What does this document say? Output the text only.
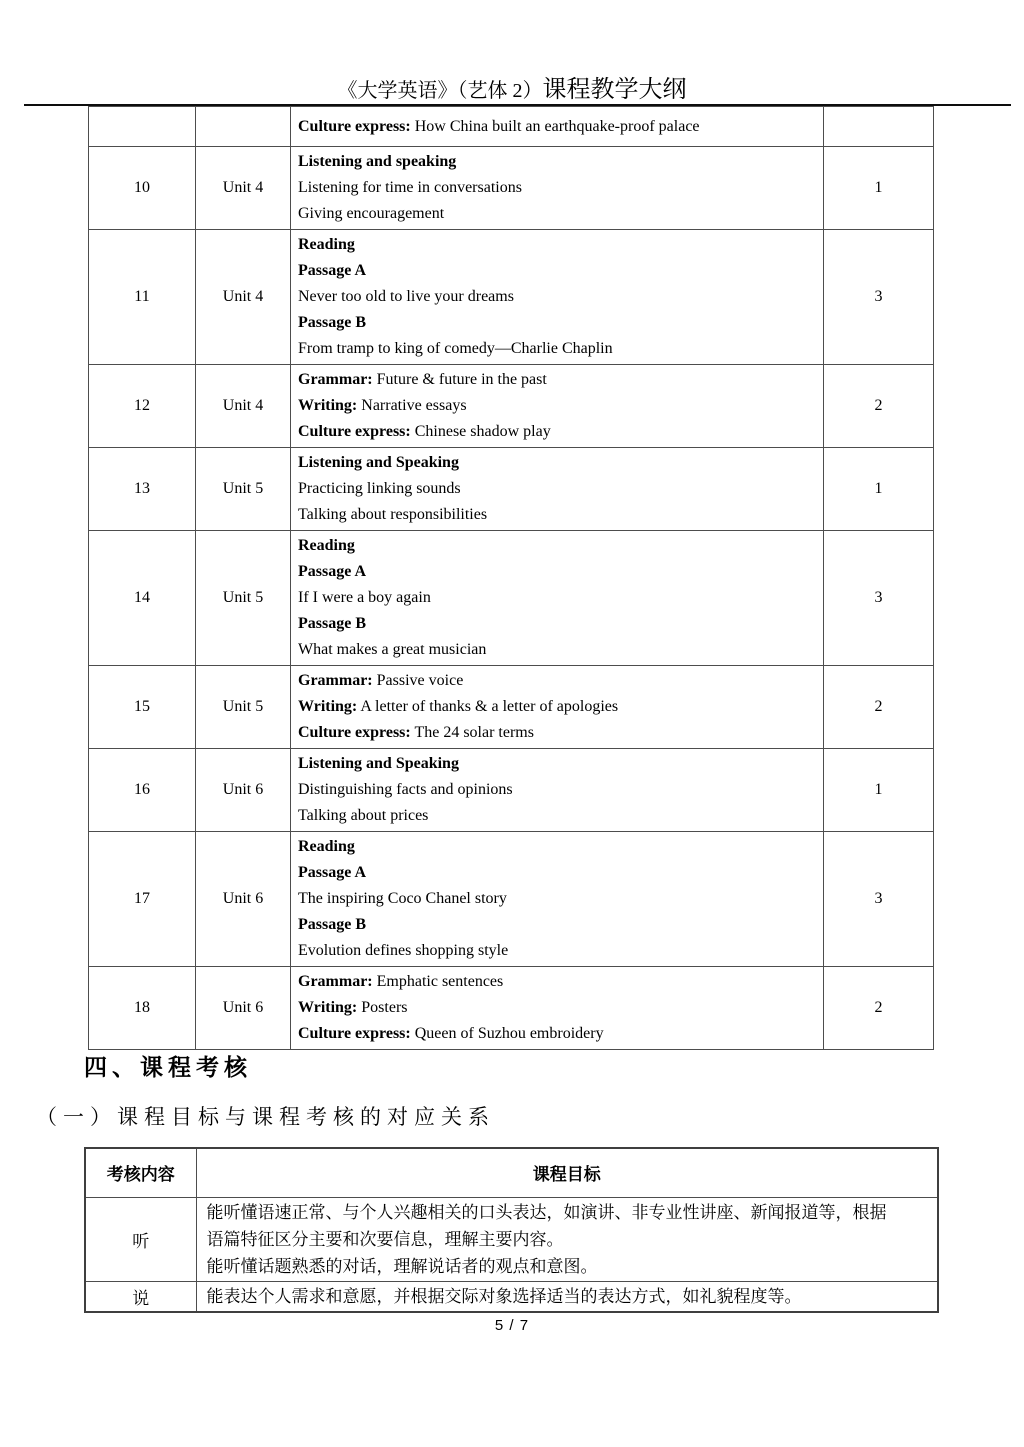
《大学英语》（艺体 2）课程教学大纲

		Culture express: How China built an earthquake-proof palace	

10	Unit 4	Listening and speaking
Listening for time in conversations
Giving encouragement	1
11	Unit 4	Reading
Passage A
Never too old to live your dreams
Passage B
From tramp to king of comedy—Charlie Chaplin	3
12	Unit 4	Grammar: Future & future in the past
Writing: Narrative essays
Culture express: Chinese shadow play	2
13	Unit 5	Listening and Speaking
Practicing linking sounds
Talking about responsibilities	1
14	Unit 5	Reading
Passage A
If I were a boy again
Passage B
What makes a great musician	3
15	Unit 5	Grammar: Passive voice
Writing: A letter of thanks & a letter of apologies
Culture express: The 24 solar terms	2
16	Unit 6	Listening and Speaking
Distinguishing facts and opinions
Talking about prices	1
17	Unit 6	Reading
Passage A
The inspiring Coco Chanel story
Passage B
Evolution defines shopping style	3
18	Unit 6	Grammar: Emphatic sentences
Writing: Posters
Culture express: Queen of Suzhou embroidery	2
四、课程考核
（一）课程目标与课程考核的对应关系
考核内容	课程目标
听	能听懂语速正常、与个人兴趣相关的口头表达，如演讲、非专业性讲座、新闻报道等，根据
语篇特征区分主要和次要信息，理解主要内容。
能听懂话题熟悉的对话，理解说话者的观点和意图。

说	能表达个人需求和意愿，并根据交际对象选择适当的表达方式，如礼貌程度等。
5 / 7
